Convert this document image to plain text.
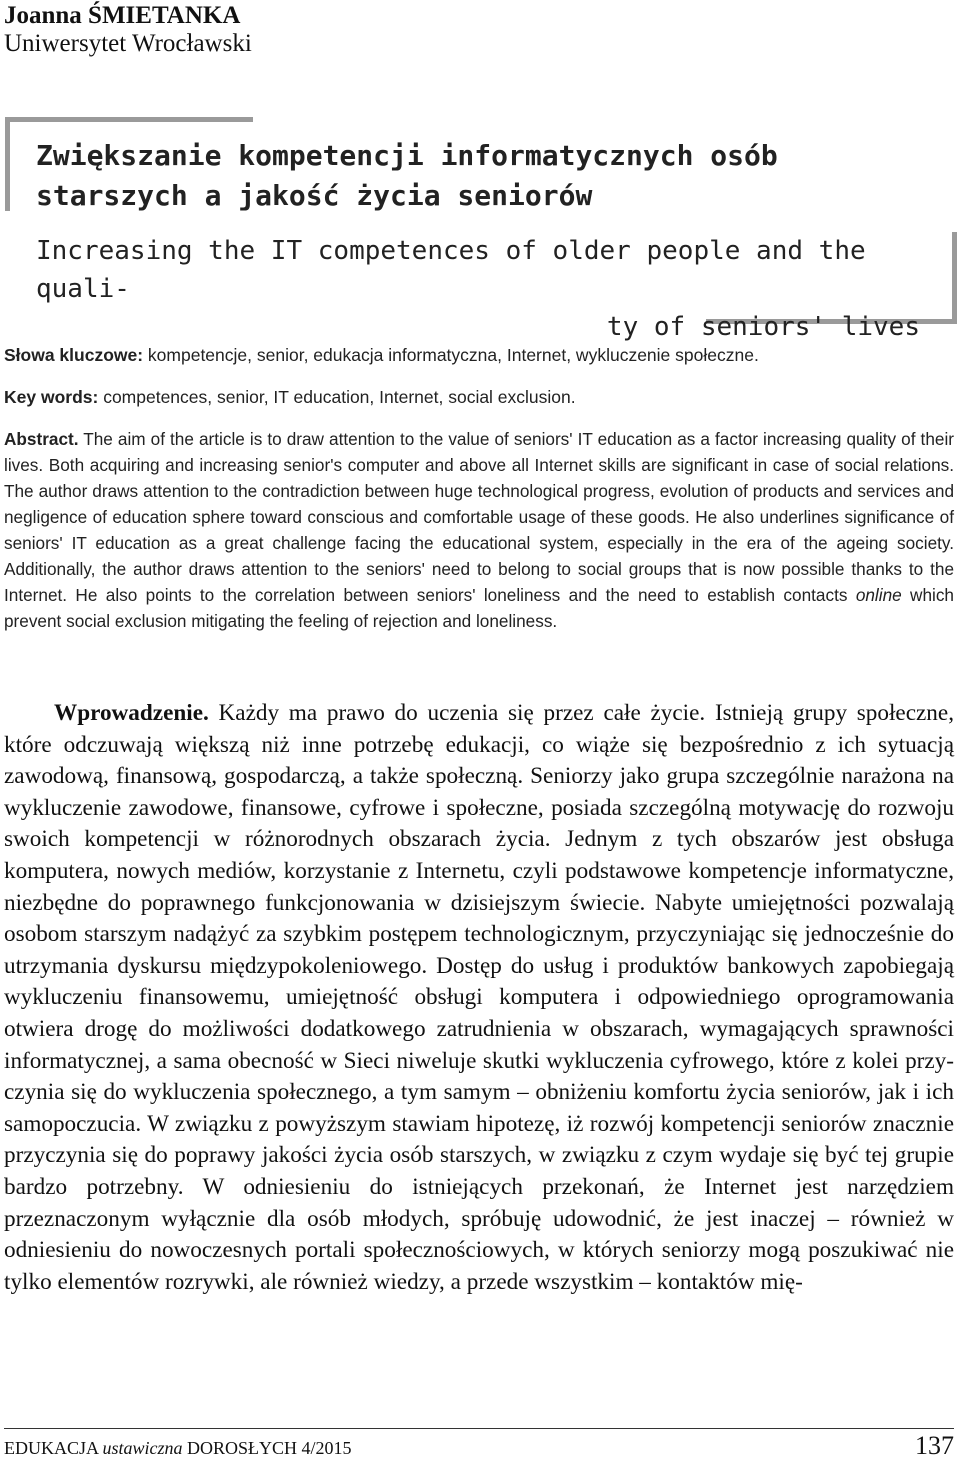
Joanna ŚMIETANKA
Uniwersytet Wrocławski
Zwiększanie kompetencji informatycznych osób
starszych a jakość życia seniorów
Increasing the IT competences of older people and the quali-
ty of seniors' lives
Słowa kluczowe: kompetencje, senior, edukacja informatyczna, Internet, wykluczenie społeczne.
Key words: competences, senior, IT education, Internet, social exclusion.
Abstract. The aim of the article is to draw attention to the value of seniors' IT education as a factor increasing quality of their lives. Both acquiring and increasing senior's computer and above all Internet skills are significant in case of social relations. The author draws attention to the contradiction between huge technological progress, evolution of products and services and negligence of education sphere toward conscious and comfortable usage of these goods. He also underlines significance of seniors' IT education as a great challenge facing the educational system, especially in the era of the ageing society. Additionally, the author draws attention to the seniors' need to belong to social groups that is now possible thanks to the Internet. He also points to the correlation between seniors' loneliness and the need to establish contacts online which prevent social exclusion mitigating the feeling of rejection and loneliness.
Wprowadzenie. Każdy ma prawo do uczenia się przez całe życie. Istnieją grupy społeczne, które odczuwają większą niż inne potrzebę edukacji, co wiąże się bezpośrednio z ich sytuacją zawodową, finansową, gospodarczą, a także społeczną. Seniorzy jako grupa szczególnie narażona na wykluczenie zawodowe, finansowe, cyfrowe i społeczne, posiada szczególną motywację do rozwoju swoich kompetencji w różnorodnych obszarach życia. Jednym z tych obszarów jest obsługa komputera, nowych mediów, korzystanie z Internetu, czyli podstawowe kompetencje informatyczne, niezbędne do poprawnego funkcjonowania w dzisiejszym świecie. Nabyte umiejętności pozwalają osobom starszym nadążyć za szybkim postępem technologicznym, przyczyniając się jednocześnie do utrzymania dyskursu międzypokoleniowego. Dostęp do usług i produktów bankowych zapobiegają wykluczeniu finansowemu, umiejętność obsługi komputera i odpowiedniego oprogramowania otwiera drogę do możliwości dodatkowego zatrudnienia w obszarach, wymagających sprawności informatycznej, a sama obecność w Sieci niweluje skutki wykluczenia cyfrowego, które z kolei przyczynia się do wykluczenia społecznego, a tym samym – obniżeniu komfortu życia seniorów, jak i ich samopoczucia. W związku z powyższym stawiam hipotezę, iż rozwój kompetencji seniorów znacznie przyczynia się do poprawy jakości życia osób starszych, w związku z czym wydaje się być tej grupie bardzo potrzebny. W odniesieniu do istniejących przekonań, że Internet jest narzędziem przeznaczonym wyłącznie dla osób młodych, spróbuję udowodnić, że jest inaczej – również w odniesieniu do nowoczesnych portali społecznościowych, w których seniorzy mogą poszukiwać nie tylko elementów rozrywki, ale również wiedzy, a przede wszystkim – kontaktów mię-
EDUKACJA ustawiczna DOROSŁYCH 4/2015	137
